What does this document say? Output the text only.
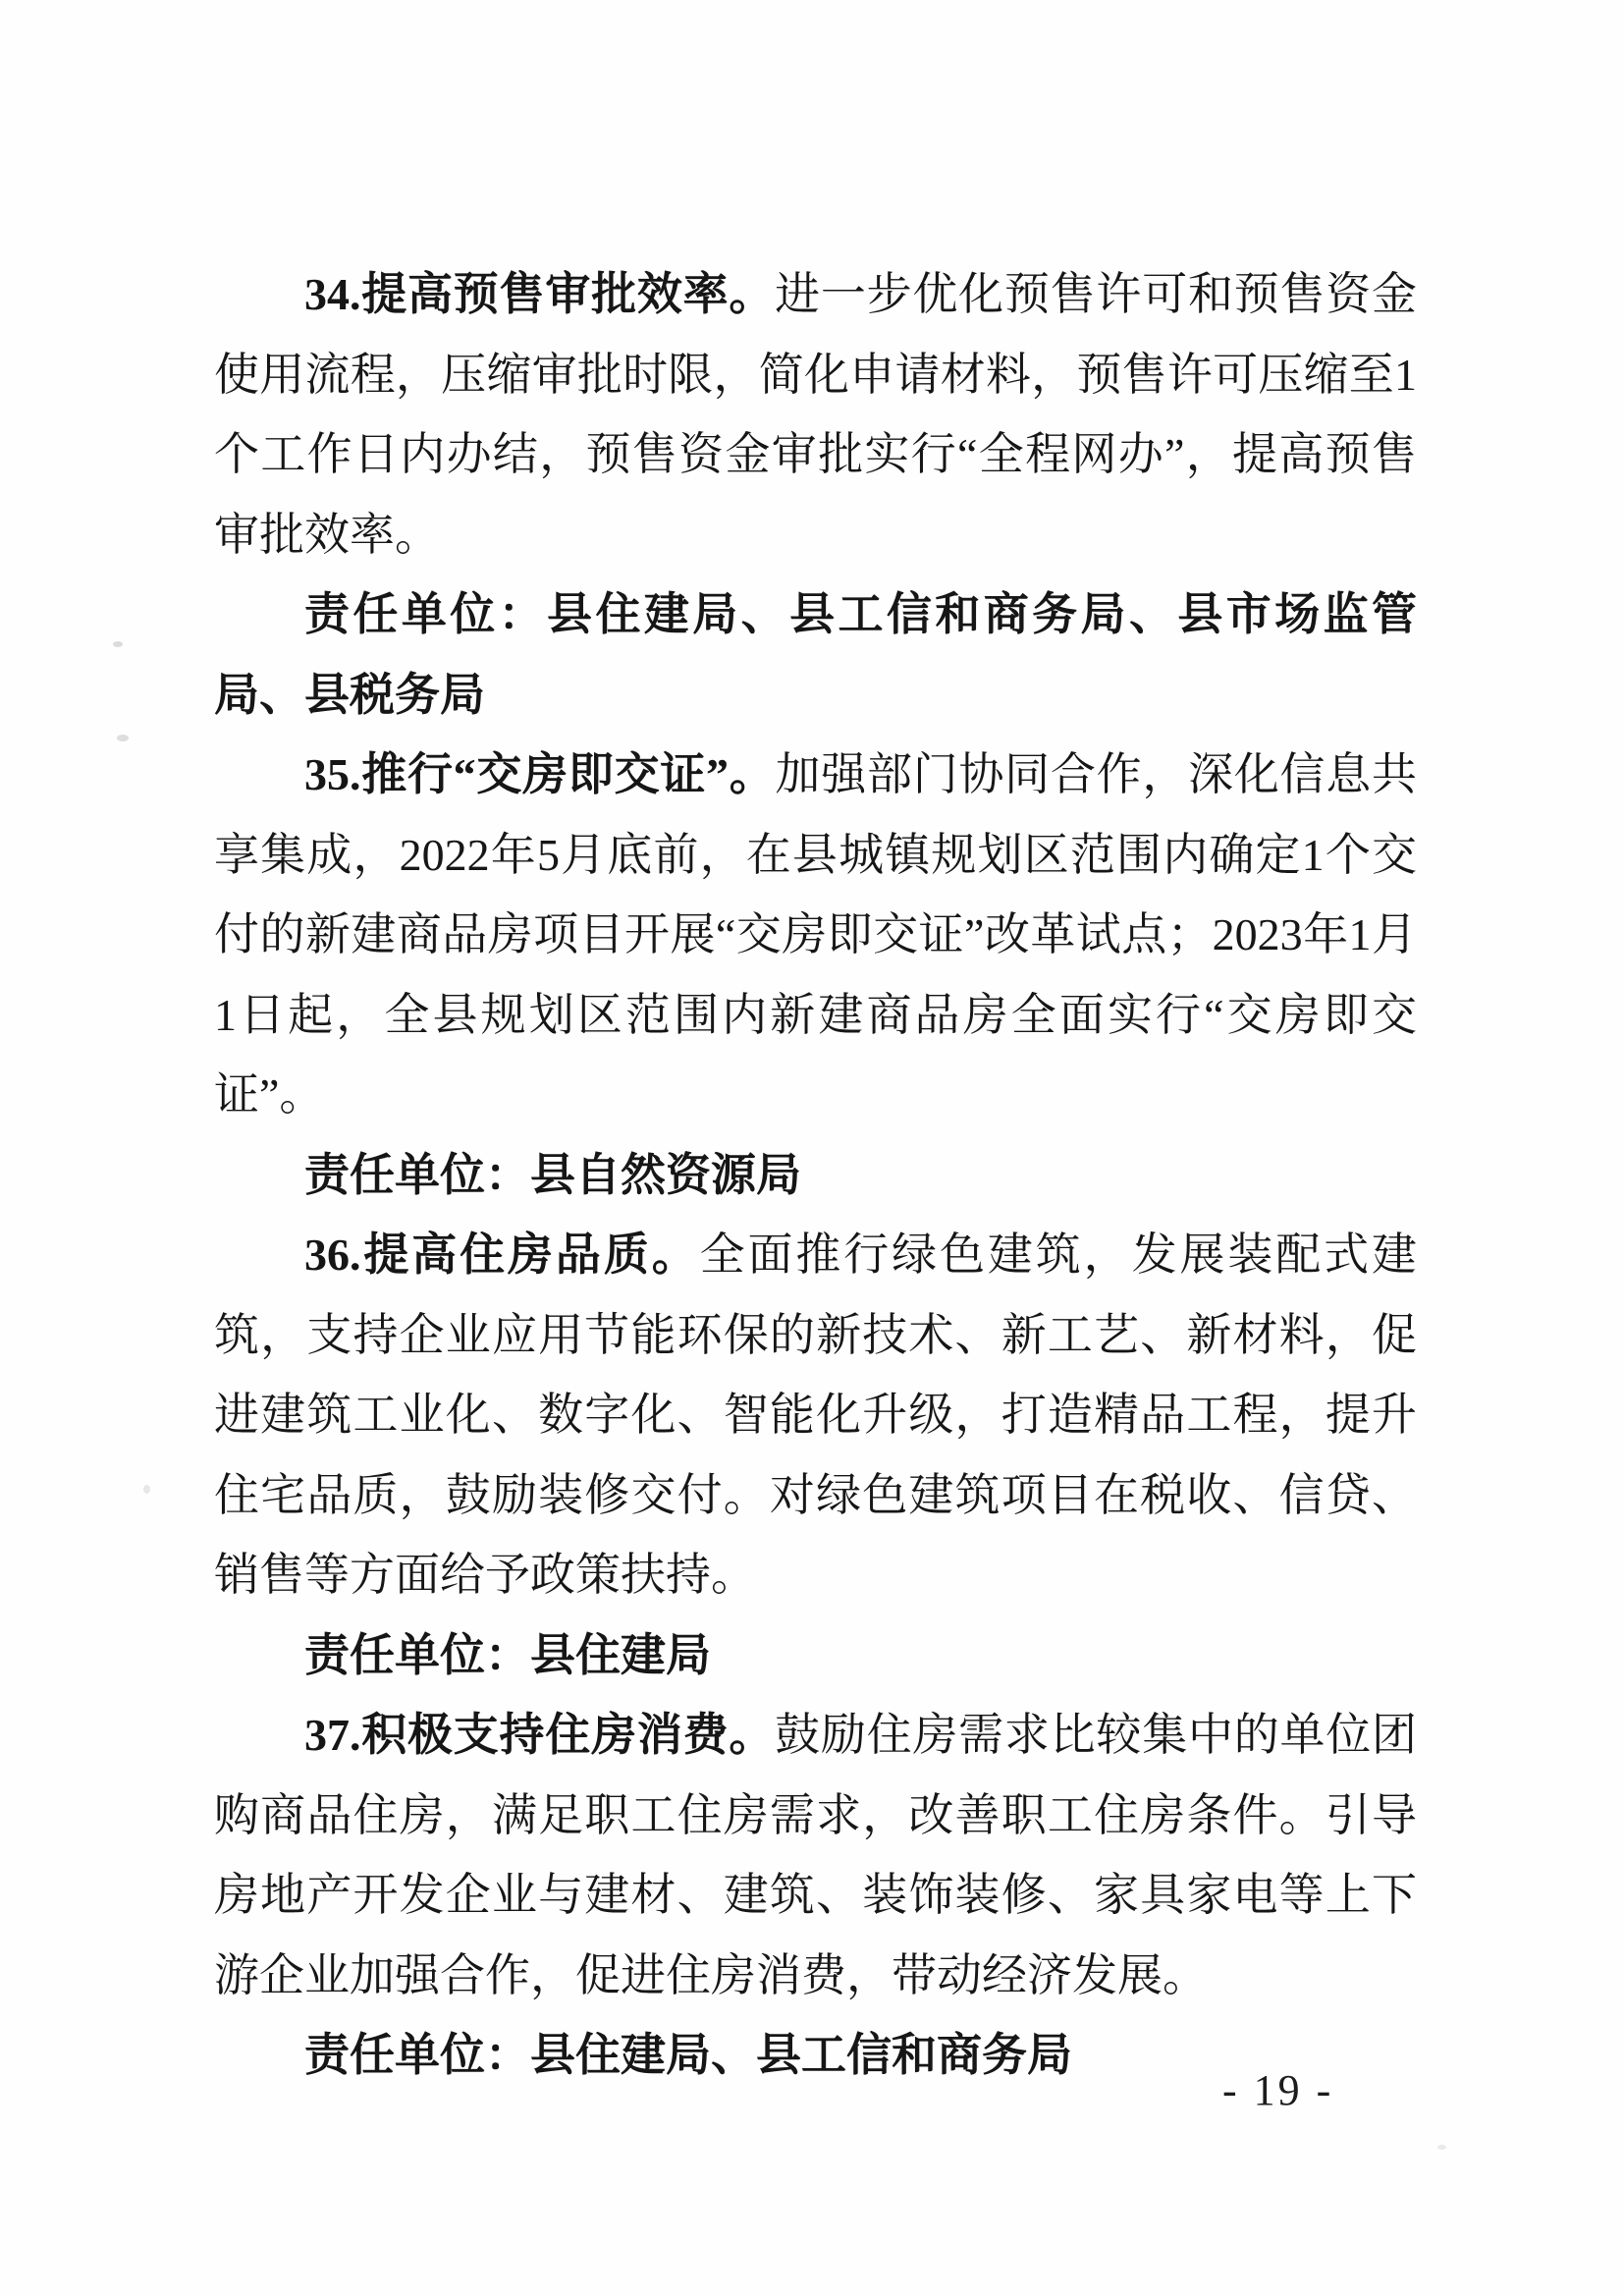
34.提高预售审批效率。进一步优化预售许可和预售资金使用流程，压缩审批时限，简化申请材料，预售许可压缩至1个工作日内办结，预售资金审批实行“全程网办”，提高预售审批效率。

责任单位：县住建局、县工信和商务局、县市场监管局、县税务局

35.推行“交房即交证”。加强部门协同合作，深化信息共享集成，2022年5月底前，在县城镇规划区范围内确定1个交付的新建商品房项目开展“交房即交证”改革试点；2023年1月1日起，全县规划区范围内新建商品房全面实行“交房即交证”。

责任单位：县自然资源局

36.提高住房品质。全面推行绿色建筑，发展装配式建筑，支持企业应用节能环保的新技术、新工艺、新材料，促进建筑工业化、数字化、智能化升级，打造精品工程，提升住宅品质，鼓励装修交付。对绿色建筑项目在税收、信贷、销售等方面给予政策扶持。

责任单位：县住建局

37.积极支持住房消费。鼓励住房需求比较集中的单位团购商品住房，满足职工住房需求，改善职工住房条件。引导房地产开发企业与建材、建筑、装饰装修、家具家电等上下游企业加强合作，促进住房消费，带动经济发展。

责任单位：县住建局、县工信和商务局

- 19 -
